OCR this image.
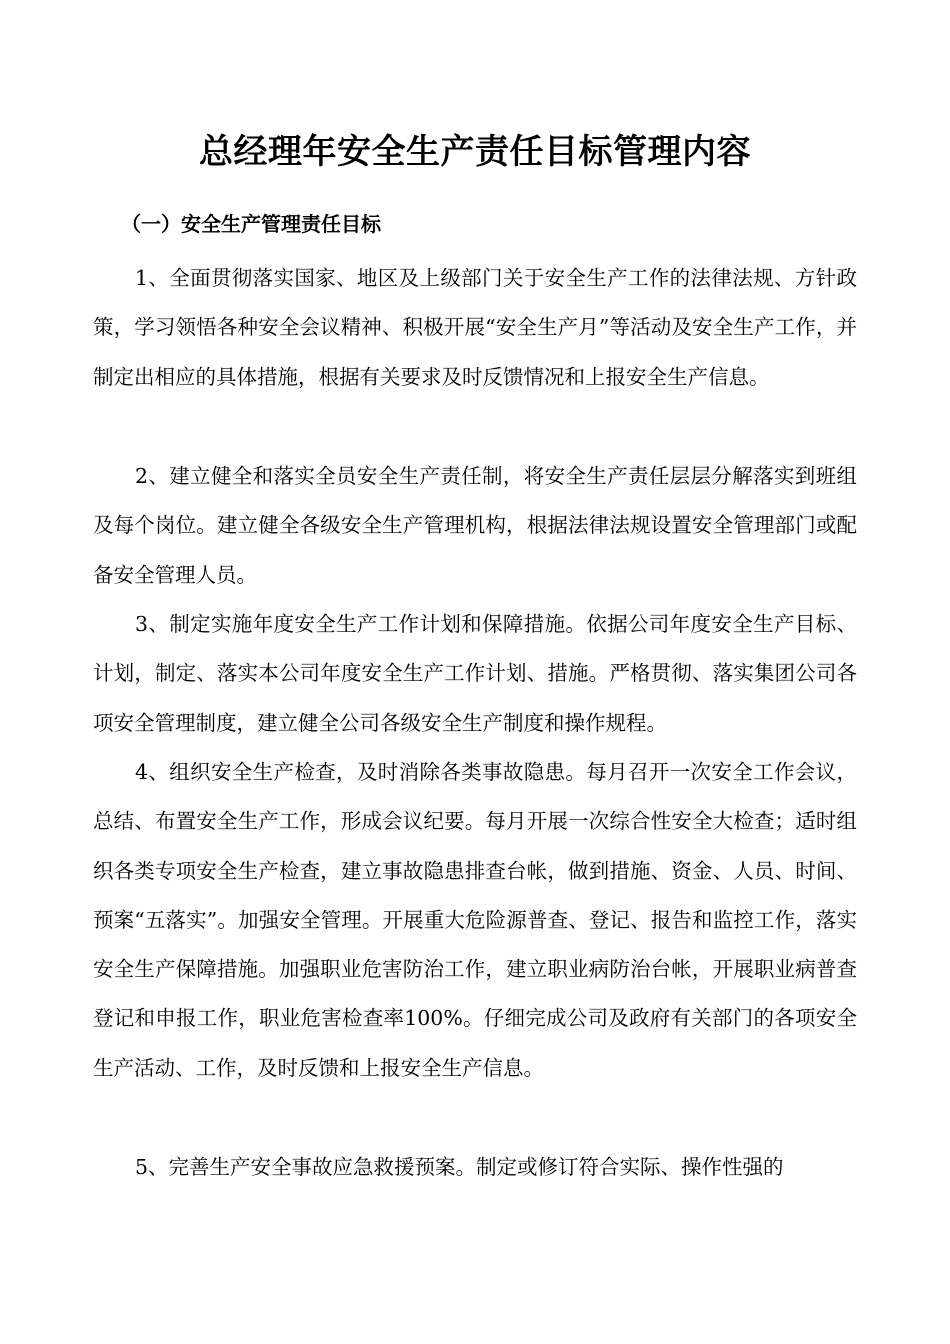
总经理年安全生产责任目标管理内容
（一）安全生产管理责任目标

1、全面贯彻落实国家、地区及上级部门关于安全生产工作的法律法规、方针政策，学习领悟各种安全会议精神、积极开展“安全生产月”等活动及安全生产工作，并制定出相应的具体措施，根据有关要求及时反馈情况和上报安全生产信息。

2、建立健全和落实全员安全生产责任制，将安全生产责任层层分解落实到班组及每个岗位。建立健全各级安全生产管理机构，根据法律法规设置安全管理部门或配备安全管理人员。

3、制定实施年度安全生产工作计划和保障措施。依据公司年度安全生产目标、计划，制定、落实本公司年度安全生产工作计划、措施。严格贯彻、落实集团公司各项安全管理制度，建立健全公司各级安全生产制度和操作规程。

4、组织安全生产检查，及时消除各类事故隐患。每月召开一次安全工作会议，总结、布置安全生产工作，形成会议纪要。每月开展一次综合性安全大检查；适时组织各类专项安全生产检查，建立事故隐患排查台帐，做到措施、资金、人员、时间、预案“五落实”。加强安全管理。开展重大危险源普查、登记、报告和监控工作，落实安全生产保障措施。加强职业危害防治工作，建立职业病防治台帐，开展职业病普查登记和申报工作，职业危害检查率100%。仔细完成公司及政府有关部门的各项安全生产活动、工作，及时反馈和上报安全生产信息。

5、完善生产安全事故应急救援预案。制定或修订符合实际、操作性强的
